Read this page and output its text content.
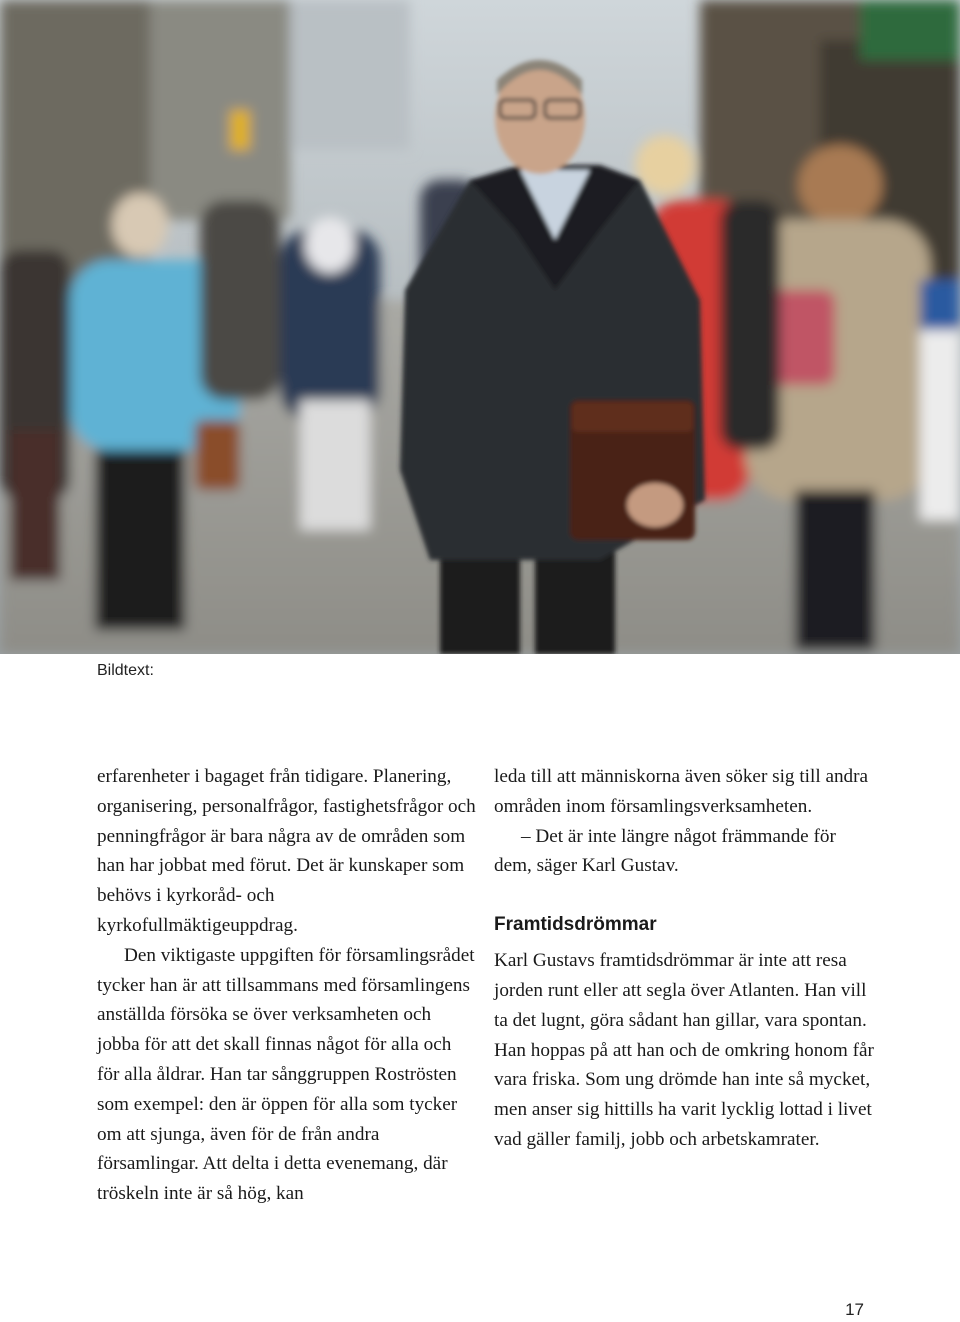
Bildtext:

erfarenheter i bagaget från tidigare. Planering, organisering, personalfrågor, fastighetsfrågor och penningfrågor är bara några av de områden som han har jobbat med förut. Det är kunskaper som behövs i kyrkoråd- och kyrkofullmäktigeuppdrag.

Den viktigaste uppgiften för församlingsrådet tycker han är att tillsammans med församlingens anställda försöka se över verksamheten och jobba för att det skall finnas något för alla och för alla åldrar. Han tar sånggruppen Roströsten som exempel: den är öppen för alla som tycker om att sjunga, även för de från andra församlingar. Att delta i detta evenemang, där tröskeln inte är så hög, kan

leda till att människorna även söker sig till andra områden inom församlingsverksamheten.

– Det är inte längre något främmande för dem, säger Karl Gustav.

Framtidsdrömmar

Karl Gustavs framtidsdrömmar är inte att resa jorden runt eller att segla över Atlanten. Han vill ta det lugnt, göra sådant han gillar, vara spontan. Han hoppas på att han och de omkring honom får vara friska. Som ung drömde han inte så mycket, men anser sig hittills ha varit lycklig lottad i livet vad gäller familj, jobb och arbetskamrater.

17
